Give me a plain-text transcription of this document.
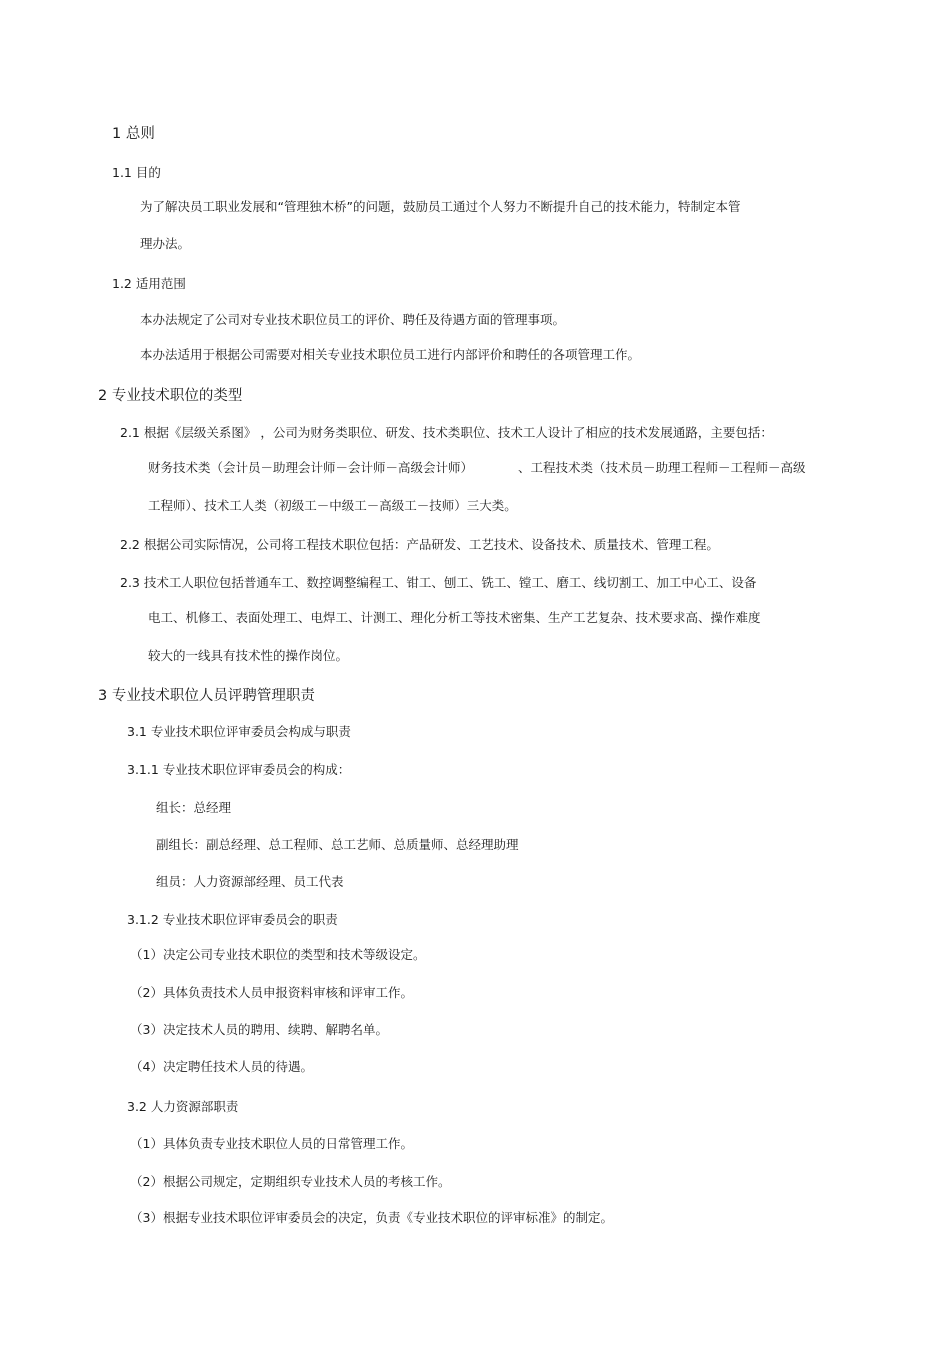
1 总则
1.1 目的
为了解决员工职业发展和“管理独木桥”的问题，鼓励员工通过个人努力不断提升自己的技术能力，特制定本管
理办法。
1.2 适用范围
本办法规定了公司对专业技术职位员工的评价、聘任及待遇方面的管理事项。
本办法适用于根据公司需要对相关专业技术职位员工进行内部评价和聘任的各项管理工作。
2 专业技术职位的类型
2.1 根据《层级关系图》 ，公司为财务类职位、研发、技术类职位、技术工人设计了相应的技术发展通路，主要包括：
财务技术类（会计员－助理会计师－会计师－高级会计师）	、工程技术类（技术员－助理工程师－工程师－高级
工程师）、技术工人类（初级工－中级工－高级工－技师）三大类。
2.2 根据公司实际情况，公司将工程技术职位包括：产品研发、工艺技术、设备技术、质量技术、管理工程。
2.3 技术工人职位包括普通车工、数控调整编程工、钳工、刨工、铣工、镗工、磨工、线切割工、加工中心工、设备
电工、机修工、表面处理工、电焊工、计测工、理化分析工等技术密集、生产工艺复杂、技术要求高、操作难度
较大的一线具有技术性的操作岗位。
3 专业技术职位人员评聘管理职责
3.1 专业技术职位评审委员会构成与职责
3.1.1 专业技术职位评审委员会的构成：
组长：总经理
副组长：副总经理、总工程师、总工艺师、总质量师、总经理助理
组员：人力资源部经理、员工代表
3.1.2 专业技术职位评审委员会的职责
（1）决定公司专业技术职位的类型和技术等级设定。
（2）具体负责技术人员申报资料审核和评审工作。
（3）决定技术人员的聘用、续聘、解聘名单。
（4）决定聘任技术人员的待遇。
3.2 人力资源部职责
（1）具体负责专业技术职位人员的日常管理工作。
（2）根据公司规定，定期组织专业技术人员的考核工作。
（3）根据专业技术职位评审委员会的决定，负责《专业技术职位的评审标准》的制定。
